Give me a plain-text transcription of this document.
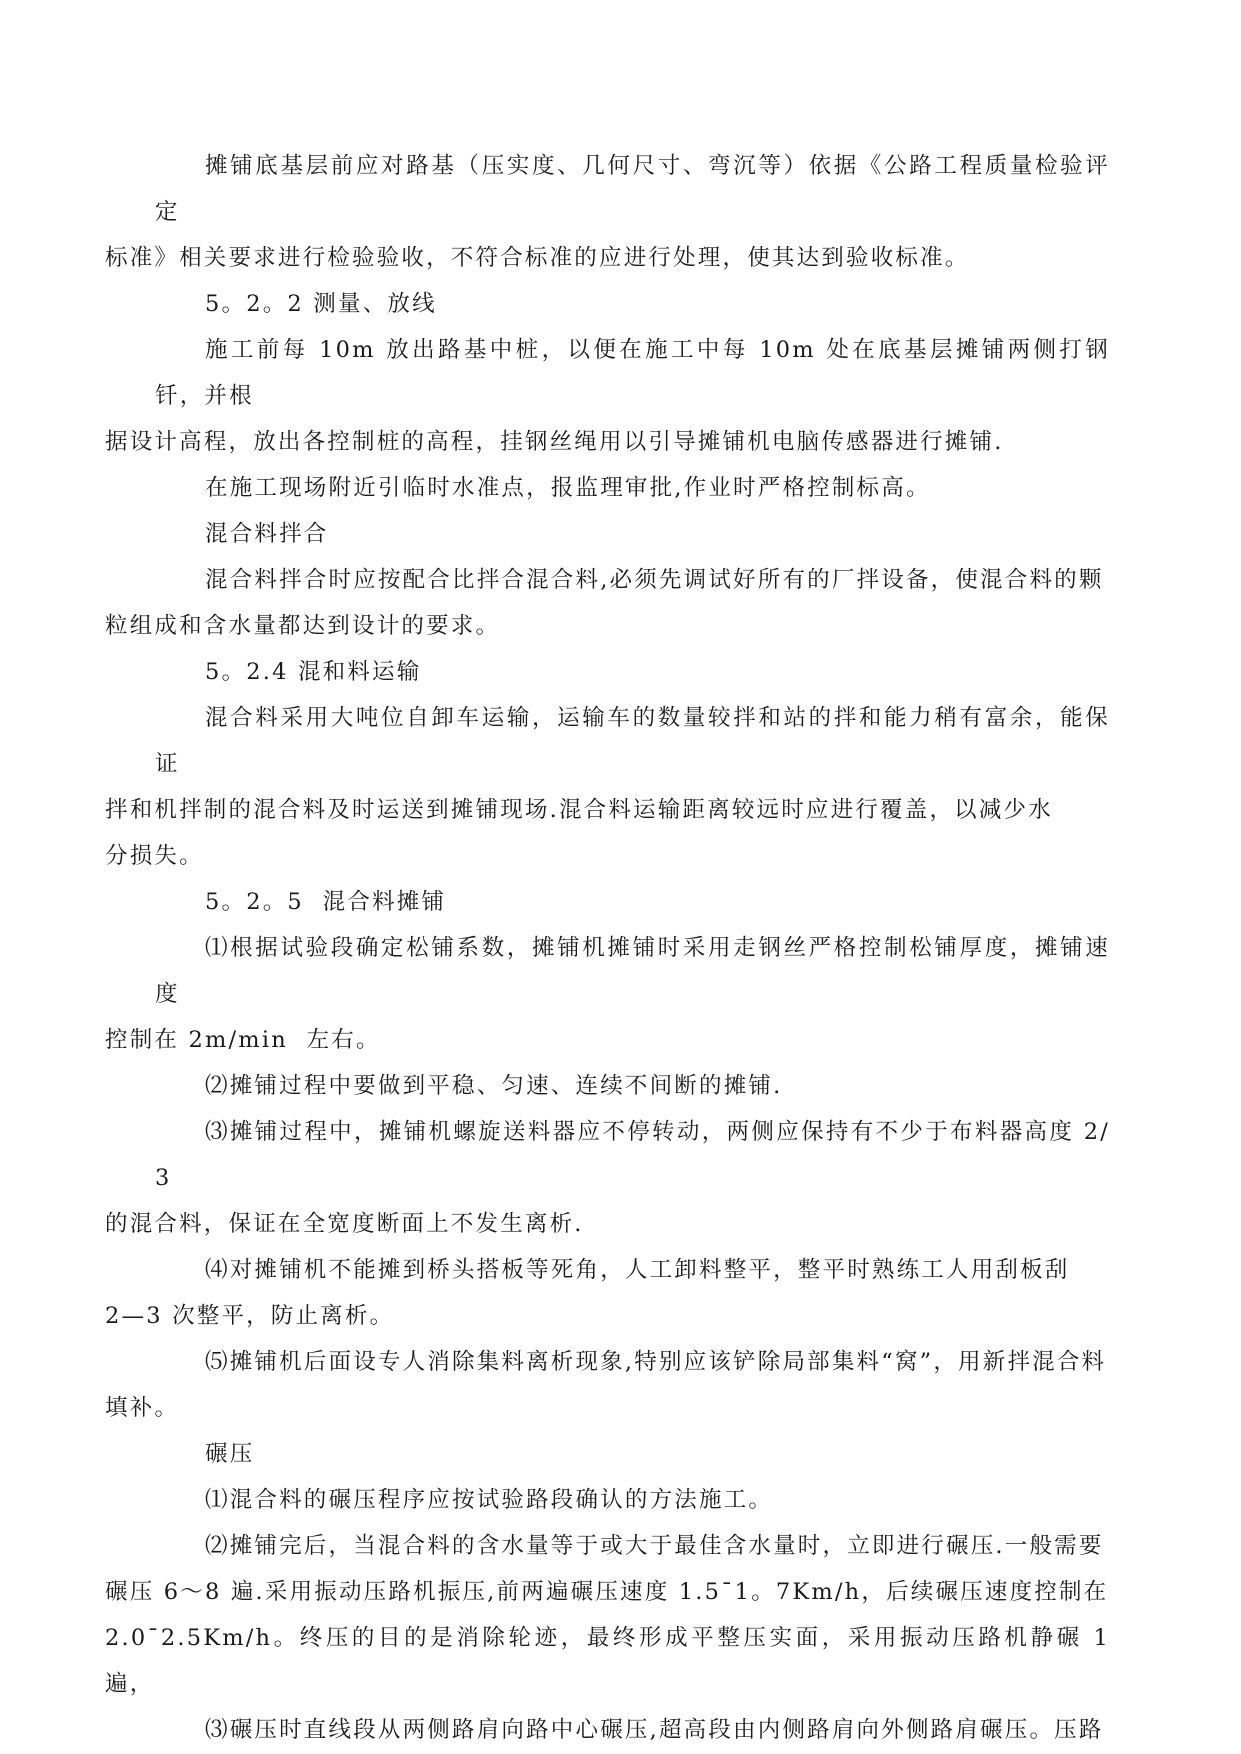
摊铺底基层前应对路基（压实度、几何尺寸、弯沉等）依据《公路工程质量检验评定
标准》相关要求进行检验验收，不符合标准的应进行处理，使其达到验收标准。
5。2。2 测量、放线
施工前每 10m 放出路基中桩，以便在施工中每 10m 处在底基层摊铺两侧打钢钎，并根
据设计高程，放出各控制桩的高程，挂钢丝绳用以引导摊铺机电脑传感器进行摊铺.
在施工现场附近引临时水准点，报监理审批,作业时严格控制标高。
混合料拌合
混合料拌合时应按配合比拌合混合料,必须先调试好所有的厂拌设备，使混合料的颗
粒组成和含水量都达到设计的要求。
5。2.4 混和料运输
混合料采用大吨位自卸车运输，运输车的数量较拌和站的拌和能力稍有富余，能保证
拌和机拌制的混合料及时运送到摊铺现场.混合料运输距离较远时应进行覆盖，以减少水
分损失。
5。2。5  混合料摊铺
⑴根据试验段确定松铺系数，摊铺机摊铺时采用走钢丝严格控制松铺厚度，摊铺速度
控制在 2m/min  左右。
⑵摊铺过程中要做到平稳、匀速、连续不间断的摊铺.
⑶摊铺过程中，摊铺机螺旋送料器应不停转动，两侧应保持有不少于布料器高度 2/3
的混合料，保证在全宽度断面上不发生离析.
⑷对摊铺机不能摊到桥头搭板等死角，人工卸料整平，整平时熟练工人用刮板刮
2—3 次整平，防止离析。
⑸摊铺机后面设专人消除集料离析现象,特别应该铲除局部集料“窝”，用新拌混合料
填补。
碾压
⑴混合料的碾压程序应按试验路段确认的方法施工。
⑵摊铺完后，当混合料的含水量等于或大于最佳含水量时，立即进行碾压.一般需要
碾压 6～8 遍.采用振动压路机振压,前两遍碾压速度 1.5ˉ1。7Km/h，后续碾压速度控制在
2.0ˉ2.5Km/h。终压的目的是消除轮迹，最终形成平整压实面，采用振动压路机静碾 1 遍，
⑶碾压时直线段从两侧路肩向路中心碾压,超高段由内侧路肩向外侧路肩碾压。压路
